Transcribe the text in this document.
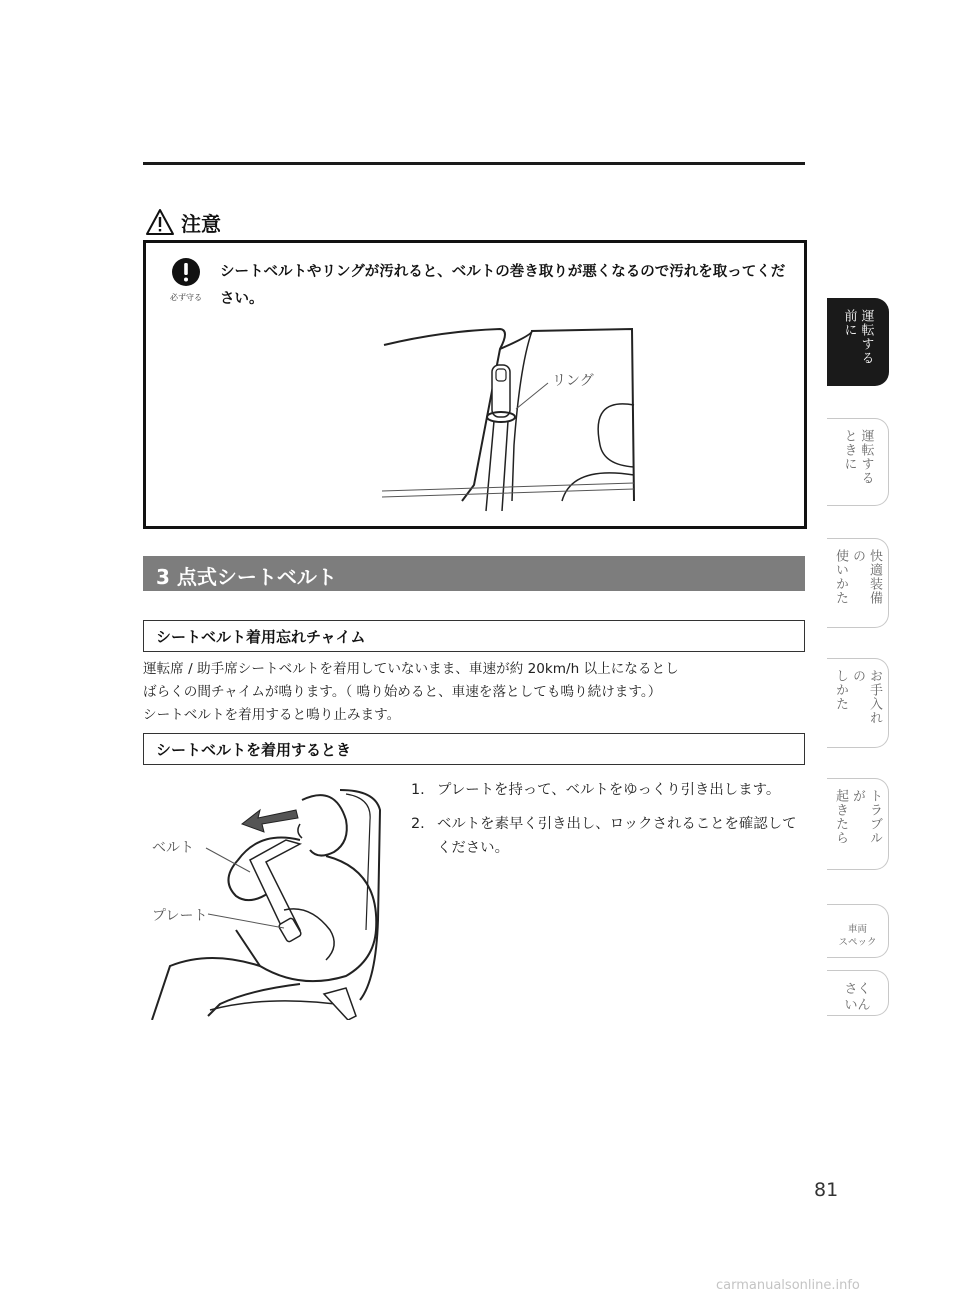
注意
必ず守る
シートベルトやリングが汚れると、ベルトの巻き取りが悪くなるので汚れを取ってください。
リング
3 点式シートベルト
シートベルト着用忘れチャイム

運転席 / 助手席シートベルトを着用していないまま、車速が約 20km/h 以上になるとし
ばらくの間チャイムが鳴ります。（ 鳴り始めると、車速を落としても鳴り続けます。）
シートベルトを着用すると鳴り止みます。

シートベルトを着用するとき
ベルト
プレート
1. プレートを持って、ベルトをゆっくり引き出します。
2. ベルトを素早く引き出し、ロックされることを確認してください。
運転する
前に
運転する
ときに
快適装備
の
使いかた
お手入れ
の
しかた
トラブル
が
起きたら
車両
スペック
さく
いん
81
carmanualsonline.info
